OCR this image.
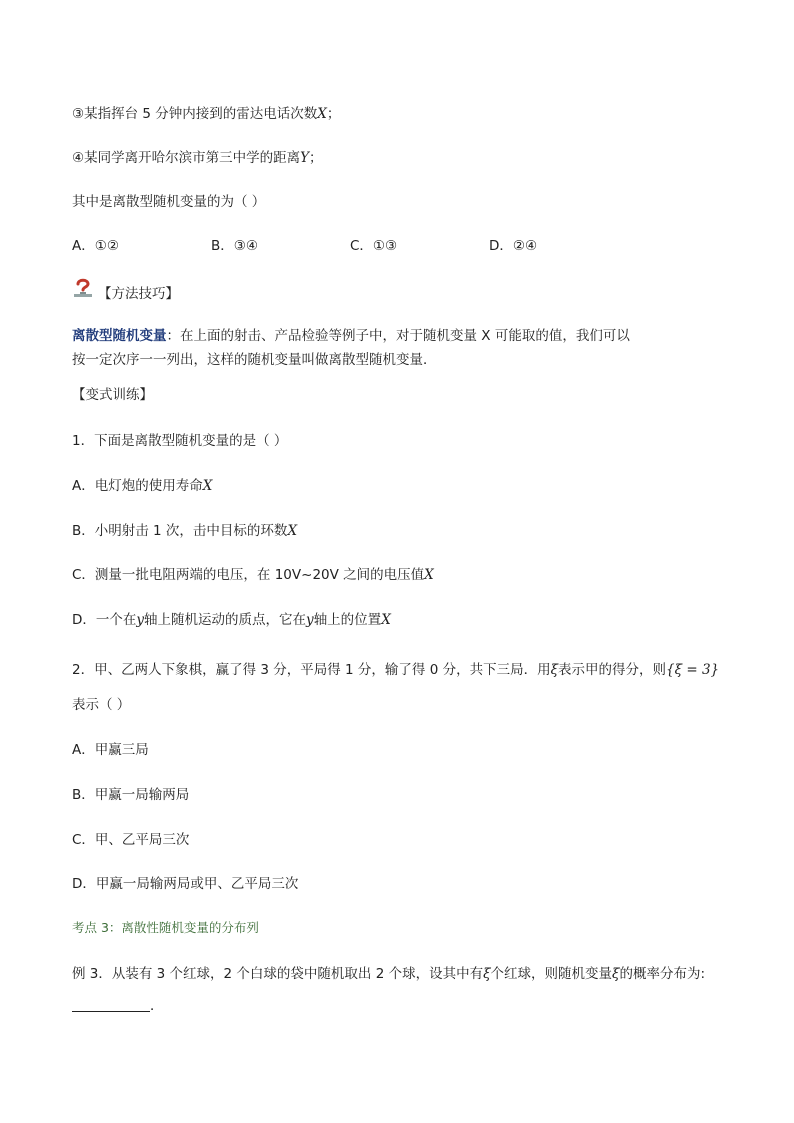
③某指挥台 5 分钟内接到的雷达电话次数X；
④某同学离开哈尔滨市第三中学的距离Y；
其中是离散型随机变量的为（ ）
A．①②	B．③④	C．①③	D．②④
【方法技巧】
离散型随机变量：在上面的射击、产品检验等例子中，对于随机变量 X 可能取的值，我们可以
按一定次序一一列出，这样的随机变量叫做离散型随机变量．
【变式训练】
1．下面是离散型随机变量的是（ ）
A．电灯炮的使用寿命X
B．小明射击 1 次，击中目标的环数X
C．测量一批电阻两端的电压，在 10V~20V 之间的电压值X
D．一个在y轴上随机运动的质点，它在y轴上的位置X
2．甲、乙两人下象棋，赢了得 3 分，平局得 1 分，输了得 0 分，共下三局．用ξ表示甲的得分，则{ξ = 3}
表示（ ）
A．甲赢三局
B．甲赢一局输两局
C．甲、乙平局三次
D．甲赢一局输两局或甲、乙平局三次
考点 3：离散性随机变量的分布列
例 3．从装有 3 个红球，2 个白球的袋中随机取出 2 个球，设其中有ξ个红球，则随机变量ξ的概率分布为:
．
